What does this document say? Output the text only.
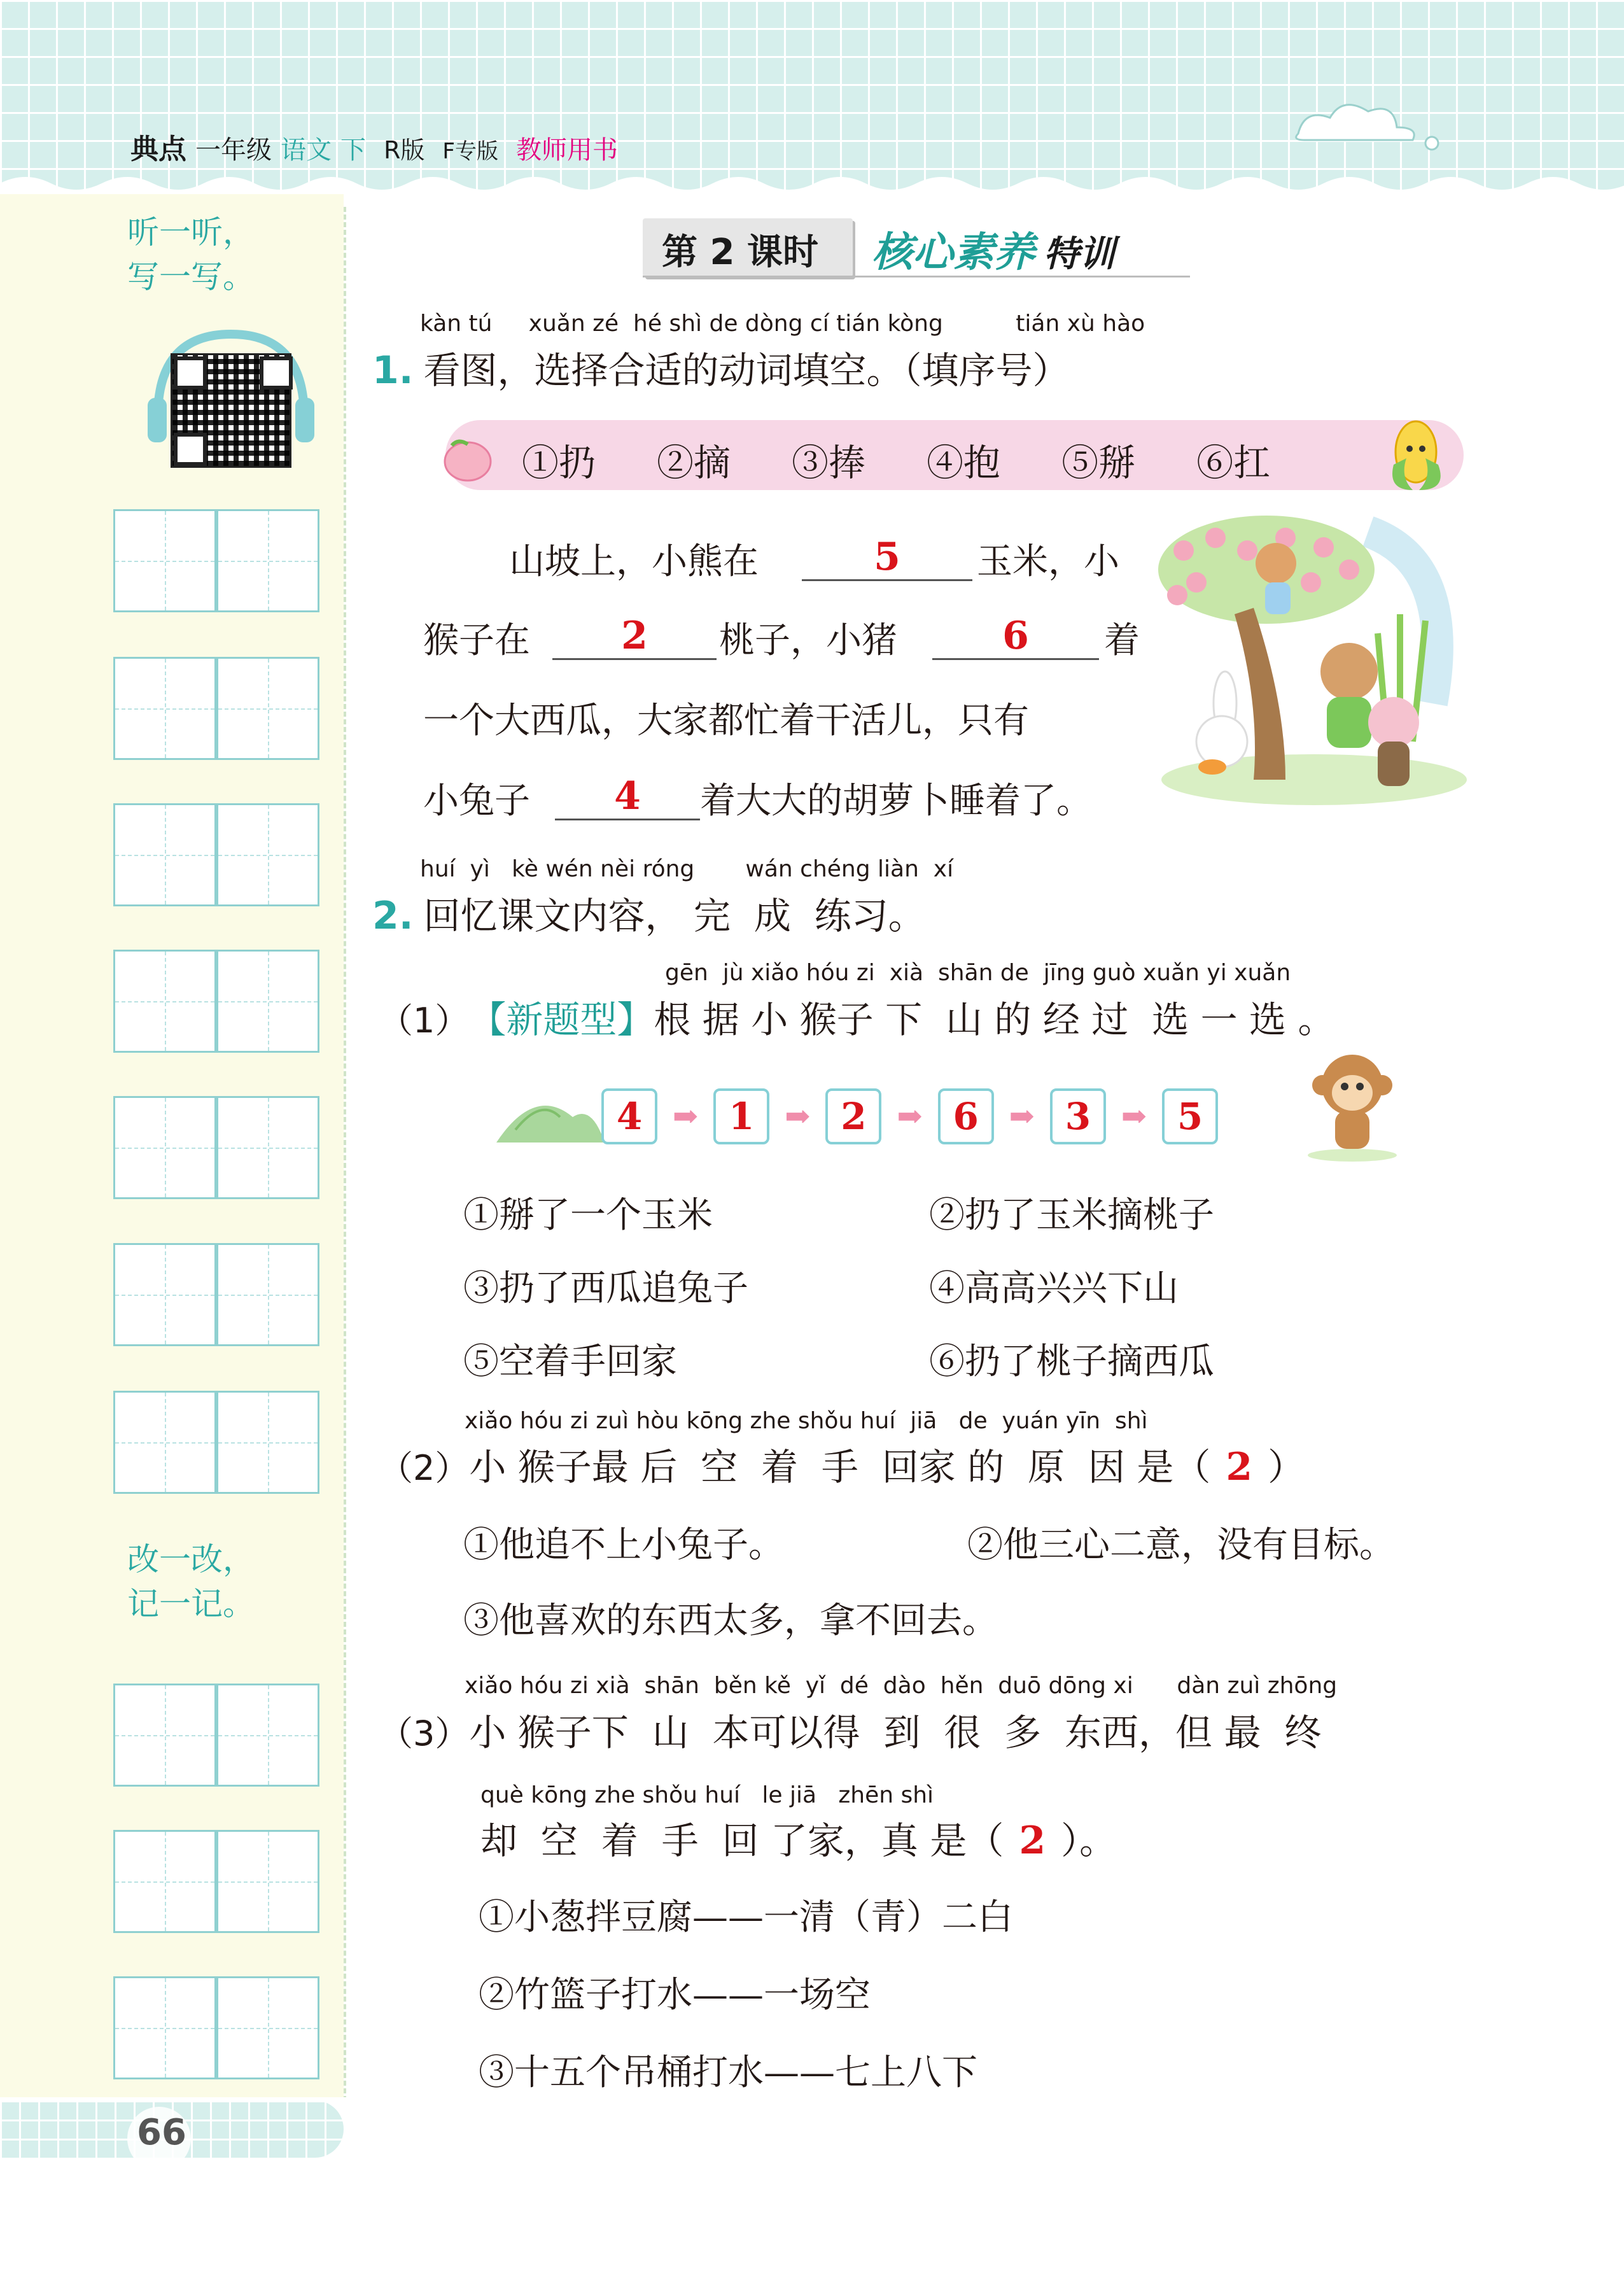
典点 一年级 语文 下 R版 F专版 教师用书
听一听，
写一写。
改一改，
记一记。
第 2 课时 核心素养 特训
kàn tú     xuǎn zé  hé shì de dòng cí tián kòng          tián xù hào
1. 看图，选择合适的动词填空。（填序号）
①扔 ②摘 ③捧 ④抱 ⑤掰 ⑥扛
山坡上，小熊在	5	玉米，小
猴子在	2	桃子，小猪	6	着
一个大西瓜，大家都忙着干活儿，只有
小兔子	4	着大大的胡萝卜睡着了。
huí  yì   kè wén nèi róng       wán chéng liàn  xí
2. 回忆课文内容， 完  成  练习。
gēn  jù xiǎo hóu zi  xià  shān de  jīng guò xuǎn yi xuǎn
（1） 【新题型】 根 据 小 猴子 下  山 的 经 过  选 一 选 。
4 ➡ 1 ➡ 2 ➡ 6 ➡ 3 ➡ 5
①掰了一个玉米	②扔了玉米摘桃子
③扔了西瓜追兔子	④高高兴兴下山
⑤空着手回家	⑥扔了桃子摘西瓜
xiǎo hóu zi zuì hòu kōng zhe shǒu huí  jiā   de  yuán yīn  shì
（2） 小 猴子最 后  空  着  手  回家 的  原  因 是（ 2 ）
①他追不上小兔子。	②他三心二意，没有目标。
③他喜欢的东西太多，拿不回去。
xiǎo hóu zi xià  shān  běn kě  yǐ  dé  dào  hěn  duō dōng xi      dàn zuì zhōng
（3） 小 猴子下  山  本可以得  到  很  多  东西，但 最  终
què kōng zhe shǒu huí   le jiā   zhēn shì
却  空  着  手  回 了家，真 是（ 2 ）。
①小葱拌豆腐——一清（青）二白
②竹篮子打水——一场空
③十五个吊桶打水——七上八下
66
